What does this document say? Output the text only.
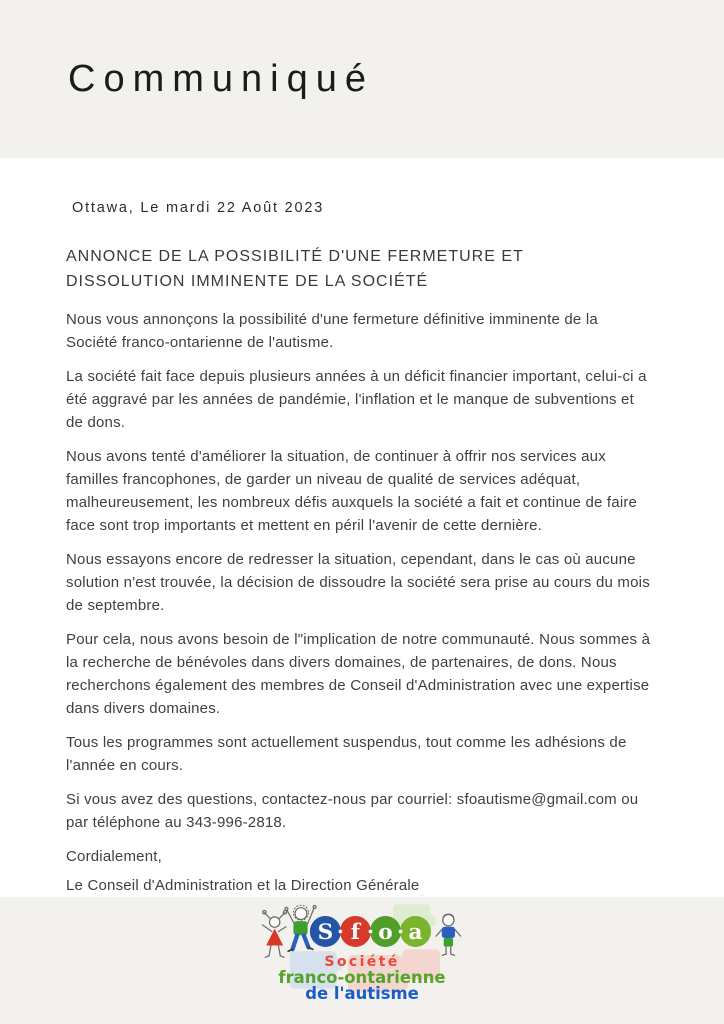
Communiqué

Ottawa, Le mardi 22 Août 2023

ANNONCE DE LA POSSIBILITÉ D'UNE FERMETURE ET DISSOLUTION IMMINENTE DE LA SOCIÉTÉ

Nous vous annonçons la possibilité d'une fermeture définitive imminente de la Société franco-ontarienne de l'autisme.

La société fait face depuis plusieurs années à un déficit financier important, celui-ci a été aggravé par les années de pandémie, l'inflation et le manque de subventions et de dons.

Nous avons tenté d'améliorer la situation, de continuer à offrir nos services aux familles francophones, de garder un niveau de qualité de services adéquat, malheureusement, les nombreux défis auxquels la société a fait et continue de faire face sont trop importants et mettent en péril l'avenir de cette dernière.

Nous essayons encore de redresser la situation, cependant, dans le cas où aucune solution n'est trouvée, la décision de dissoudre la société sera prise au cours du mois de septembre.

Pour cela, nous avons besoin de l"implication de notre communauté. Nous sommes à la recherche de bénévoles dans divers domaines, de partenaires, de dons. Nous recherchons également des membres de Conseil d'Administration avec une expertise dans divers domaines.

Tous les programmes sont actuellement suspendus, tout comme les adhésions de l'année en cours.

Si vous avez des questions, contactez-nous par courriel: sfoautisme@gmail.com ou par téléphone au 343-996-2818.

Cordialement,

Le Conseil d'Administration et la Direction Générale

S f o a
Société
franco-ontarienne
de l'autisme
